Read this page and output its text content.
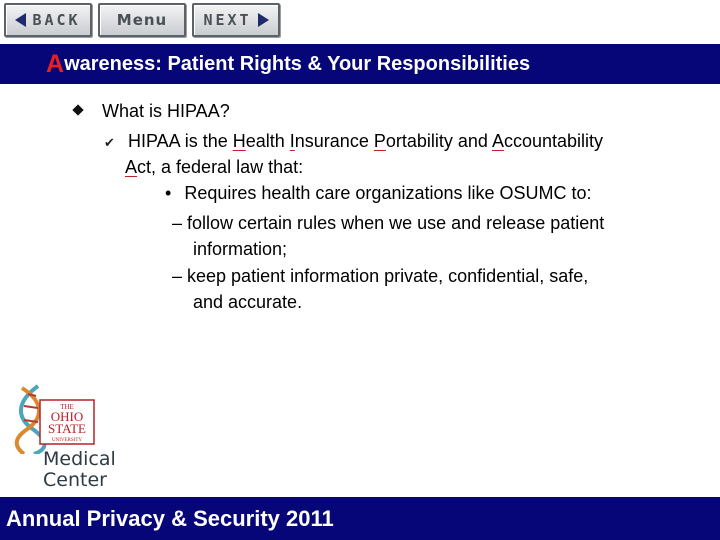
BACK Menu NEXT
A wareness: Patient Rights & Your Responsibilities
What is HIPAA?
✔ HIPAA is the Health Insurance Portability and Accountability
Act, a federal law that:
• Requires health care organizations like OSUMC to:
– follow certain rules when we use and release patient
information;
– keep patient information private, confidential, safe,
and accurate.
THE
OHIO
STATE
UNIVERSITY
Medical
Center
Annual Privacy & Security 2011
